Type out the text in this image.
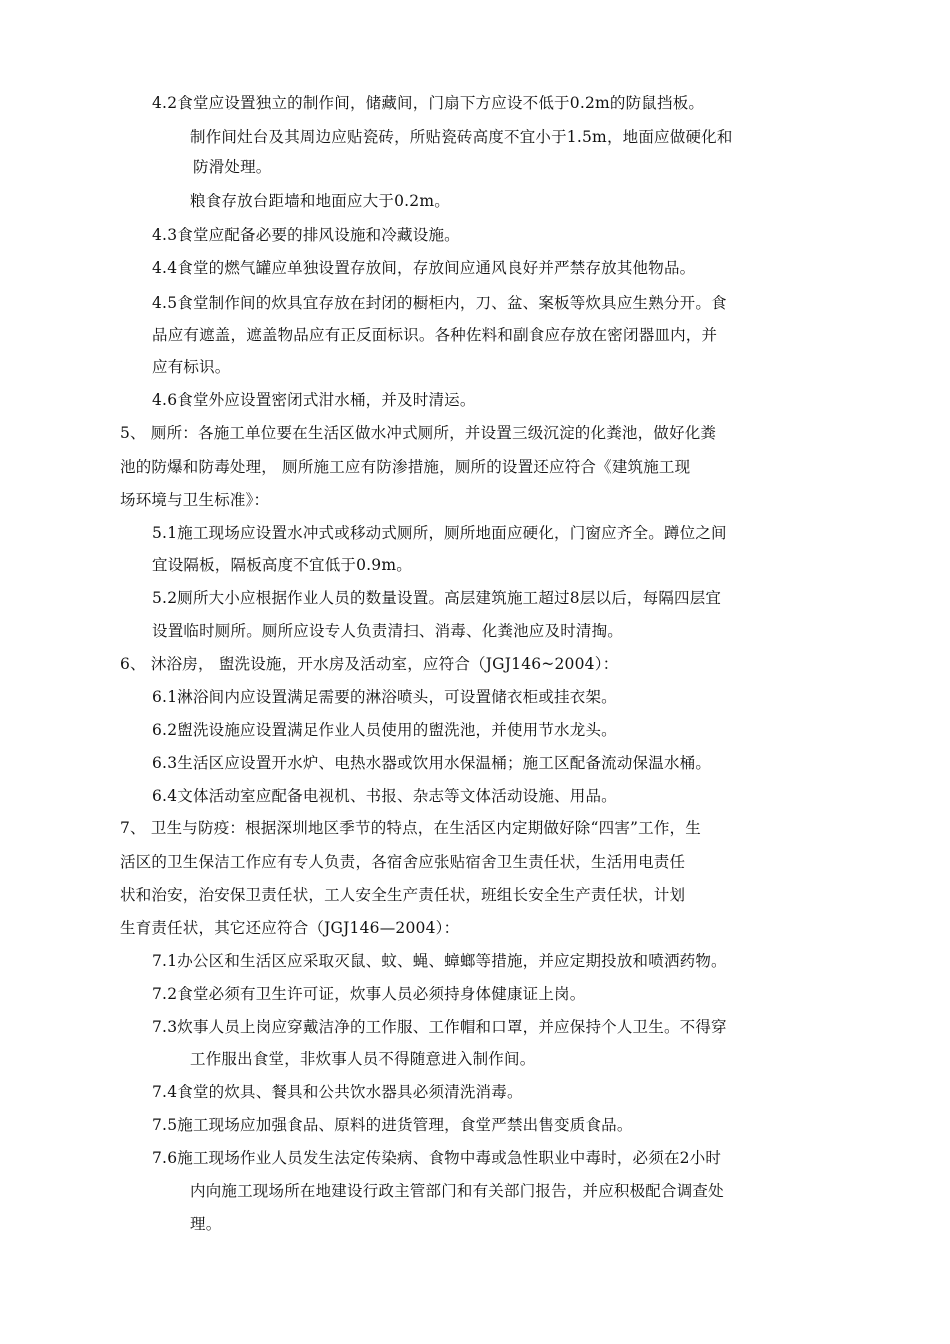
4.2食堂应设置独立的制作间，储藏间，门扇下方应设不低于0.2m的防鼠挡板。
制作间灶台及其周边应贴瓷砖，所贴瓷砖高度不宜小于1.5m，地面应做硬化和
防滑处理。
粮食存放台距墙和地面应大于0.2m。
4.3食堂应配备必要的排风设施和冷藏设施。
4.4食堂的燃气罐应单独设置存放间，存放间应通风良好并严禁存放其他物品。
4.5食堂制作间的炊具宜存放在封闭的橱柜内，刀、盆、案板等炊具应生熟分开。食
品应有遮盖，遮盖物品应有正反面标识。各种佐料和副食应存放在密闭器皿内，并
应有标识。
4.6食堂外应设置密闭式泔水桶，并及时清运。
5、 厕所：各施工单位要在生活区做水冲式厕所，并设置三级沉淀的化粪池，做好化粪
池的防爆和防毒处理， 厕所施工应有防渗措施，厕所的设置还应符合《建筑施工现
场环境与卫生标准》：
5.1施工现场应设置水冲式或移动式厕所，厕所地面应硬化，门窗应齐全。蹲位之间
宜设隔板，隔板高度不宜低于0.9m。
5.2厕所大小应根据作业人员的数量设置。高层建筑施工超过8层以后，每隔四层宜
设置临时厕所。厕所应设专人负责清扫、消毒、化粪池应及时清掏。
6、 沐浴房， 盥洗设施，开水房及活动室，应符合（JGJ146~2004）：
6.1淋浴间内应设置满足需要的淋浴喷头，可设置储衣柜或挂衣架。
6.2盥洗设施应设置满足作业人员使用的盥洗池，并使用节水龙头。
6.3生活区应设置开水炉、电热水器或饮用水保温桶；施工区配备流动保温水桶。
6.4文体活动室应配备电视机、书报、杂志等文体活动设施、用品。
7、 卫生与防疫：根据深圳地区季节的特点，在生活区内定期做好除“四害”工作，生
活区的卫生保洁工作应有专人负责，各宿舍应张贴宿舍卫生责任状，生活用电责任
状和治安，治安保卫责任状，工人安全生产责任状，班组长安全生产责任状，计划
生育责任状，其它还应符合（JGJ146—2004）：
7.1办公区和生活区应采取灭鼠、蚊、蝇、蟑螂等措施，并应定期投放和喷洒药物。
7.2食堂必须有卫生许可证，炊事人员必须持身体健康证上岗。
7.3炊事人员上岗应穿戴洁净的工作服、工作帽和口罩，并应保持个人卫生。不得穿
工作服出食堂，非炊事人员不得随意进入制作间。
7.4食堂的炊具、餐具和公共饮水器具必须清洗消毒。
7.5施工现场应加强食品、原料的进货管理，食堂严禁出售变质食品。
7.6施工现场作业人员发生法定传染病、食物中毒或急性职业中毒时，必须在2小时
内向施工现场所在地建设行政主管部门和有关部门报告，并应积极配合调查处
理。
